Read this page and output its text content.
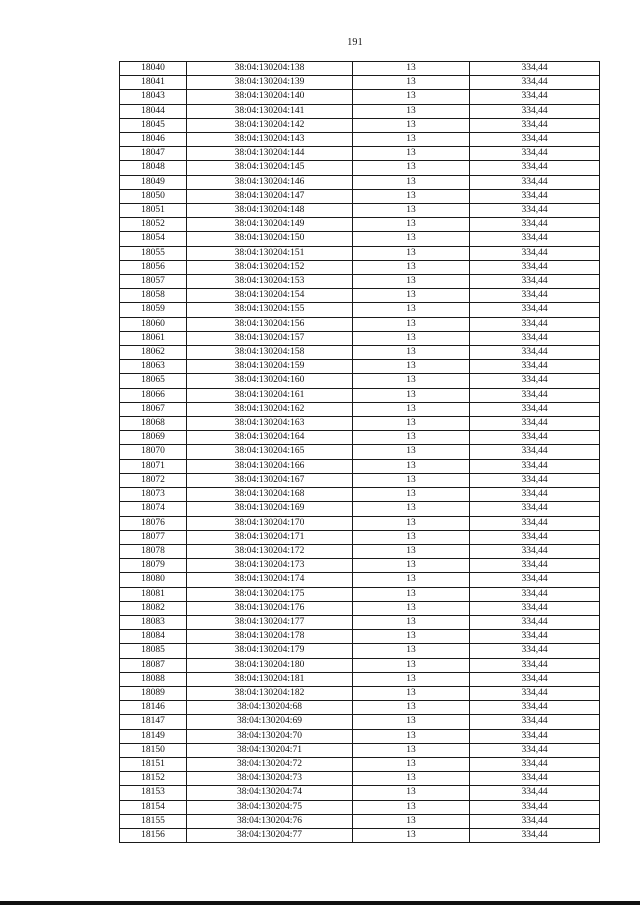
191
18040	38:04:130204:138	13	334,44
18041	38:04:130204:139	13	334,44
18043	38:04:130204:140	13	334,44
18044	38:04:130204:141	13	334,44
18045	38:04:130204:142	13	334,44
18046	38:04:130204:143	13	334,44
18047	38:04:130204:144	13	334,44
18048	38:04:130204:145	13	334,44
18049	38:04:130204:146	13	334,44
18050	38:04:130204:147	13	334,44
18051	38:04:130204:148	13	334,44
18052	38:04:130204:149	13	334,44
18054	38:04:130204:150	13	334,44
18055	38:04:130204:151	13	334,44
18056	38:04:130204:152	13	334,44
18057	38:04:130204:153	13	334,44
18058	38:04:130204:154	13	334,44
18059	38:04:130204:155	13	334,44
18060	38:04:130204:156	13	334,44
18061	38:04:130204:157	13	334,44
18062	38:04:130204:158	13	334,44
18063	38:04:130204:159	13	334,44
18065	38:04:130204:160	13	334,44
18066	38:04:130204:161	13	334,44
18067	38:04:130204:162	13	334,44
18068	38:04:130204:163	13	334,44
18069	38:04:130204:164	13	334,44
18070	38:04:130204:165	13	334,44
18071	38:04:130204:166	13	334,44
18072	38:04:130204:167	13	334,44
18073	38:04:130204:168	13	334,44
18074	38:04:130204:169	13	334,44
18076	38:04:130204:170	13	334,44
18077	38:04:130204:171	13	334,44
18078	38:04:130204:172	13	334,44
18079	38:04:130204:173	13	334,44
18080	38:04:130204:174	13	334,44
18081	38:04:130204:175	13	334,44
18082	38:04:130204:176	13	334,44
18083	38:04:130204:177	13	334,44
18084	38:04:130204:178	13	334,44
18085	38:04:130204:179	13	334,44
18087	38:04:130204:180	13	334,44
18088	38:04:130204:181	13	334,44
18089	38:04:130204:182	13	334,44
18146	38:04:130204:68	13	334,44
18147	38:04:130204:69	13	334,44
18149	38:04:130204:70	13	334,44
18150	38:04:130204:71	13	334,44
18151	38:04:130204:72	13	334,44
18152	38:04:130204:73	13	334,44
18153	38:04:130204:74	13	334,44
18154	38:04:130204:75	13	334,44
18155	38:04:130204:76	13	334,44
18156	38:04:130204:77	13	334,44
